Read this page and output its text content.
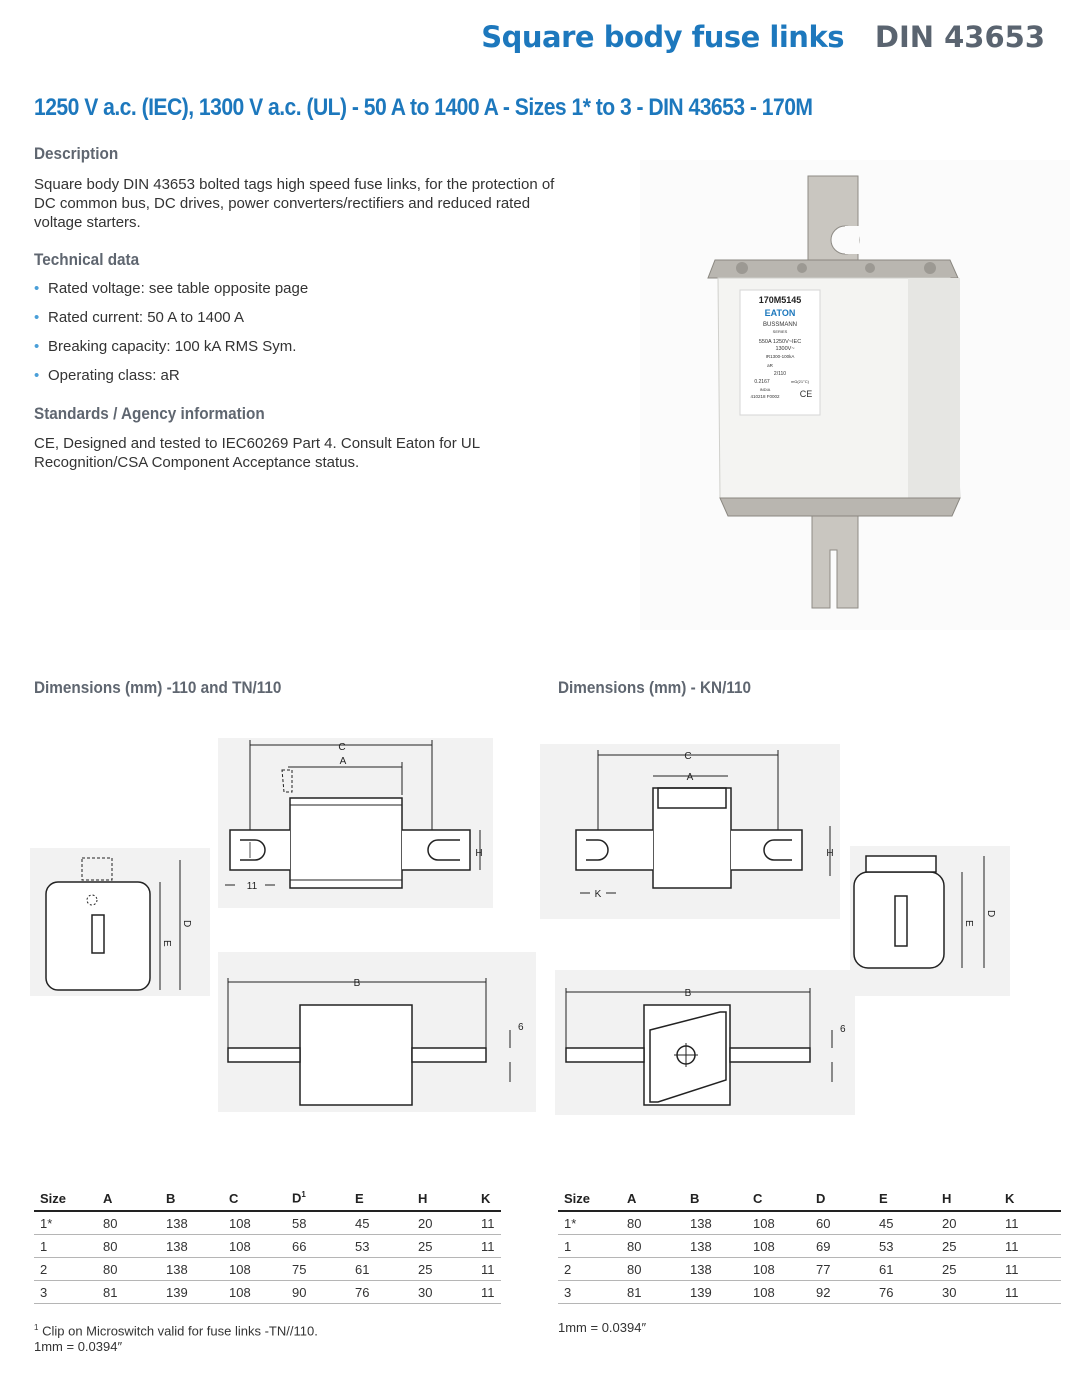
Square body fuse links DIN 43653
1250 V a.c. (IEC), 1300 V a.c. (UL) - 50 A to 1400 A - Sizes 1* to 3 - DIN 43653 - 170M
Description
Square body DIN 43653 bolted tags high speed fuse links, for the protection of DC common bus, DC drives, power converters/rectifiers and reduced rated voltage starters.
Technical data
• Rated voltage: see table opposite page
• Rated current: 50 A to 1400 A
• Breaking capacity: 100 kA RMS Sym.
• Operating class: aR
Standards / Agency information
CE, Designed and tested to IEC60269 Part 4. Consult Eaton for UL Recognition/CSA Component Acceptance status.
170M5145
EATON
BUSSMANN
SERIES
550A 1250V~IEC
1300V~
IR1300-100kA
aR
2/110
0.2167	mΩ(21°C)
INDIA
410218 F0002 CE
Dimensions (mm) -110 and TN/110	Dimensions (mm) - KN/110
C
A
H
11
E
D
B
6
C
A
H
K
E
D
B
6
Size	A	B	C	$D^1$	E	H	K
1*	80	138	108	58	45	20	11
1	80	138	108	66	53	25	11
2	80	138	108	75	61	25	11
3	81	139	108	90	76	30	11
Size	A	B	C	D	E	H	K
1*	80	138	108	60	45	20	11
1	80	138	108	69	53	25	11
2	80	138	108	77	61	25	11
3	81	139	108	92	76	30	11
$^1$ Clip on Microswitch valid for fuse links -TN//110.
1mm = 0.0394″
1mm = 0.0394″
